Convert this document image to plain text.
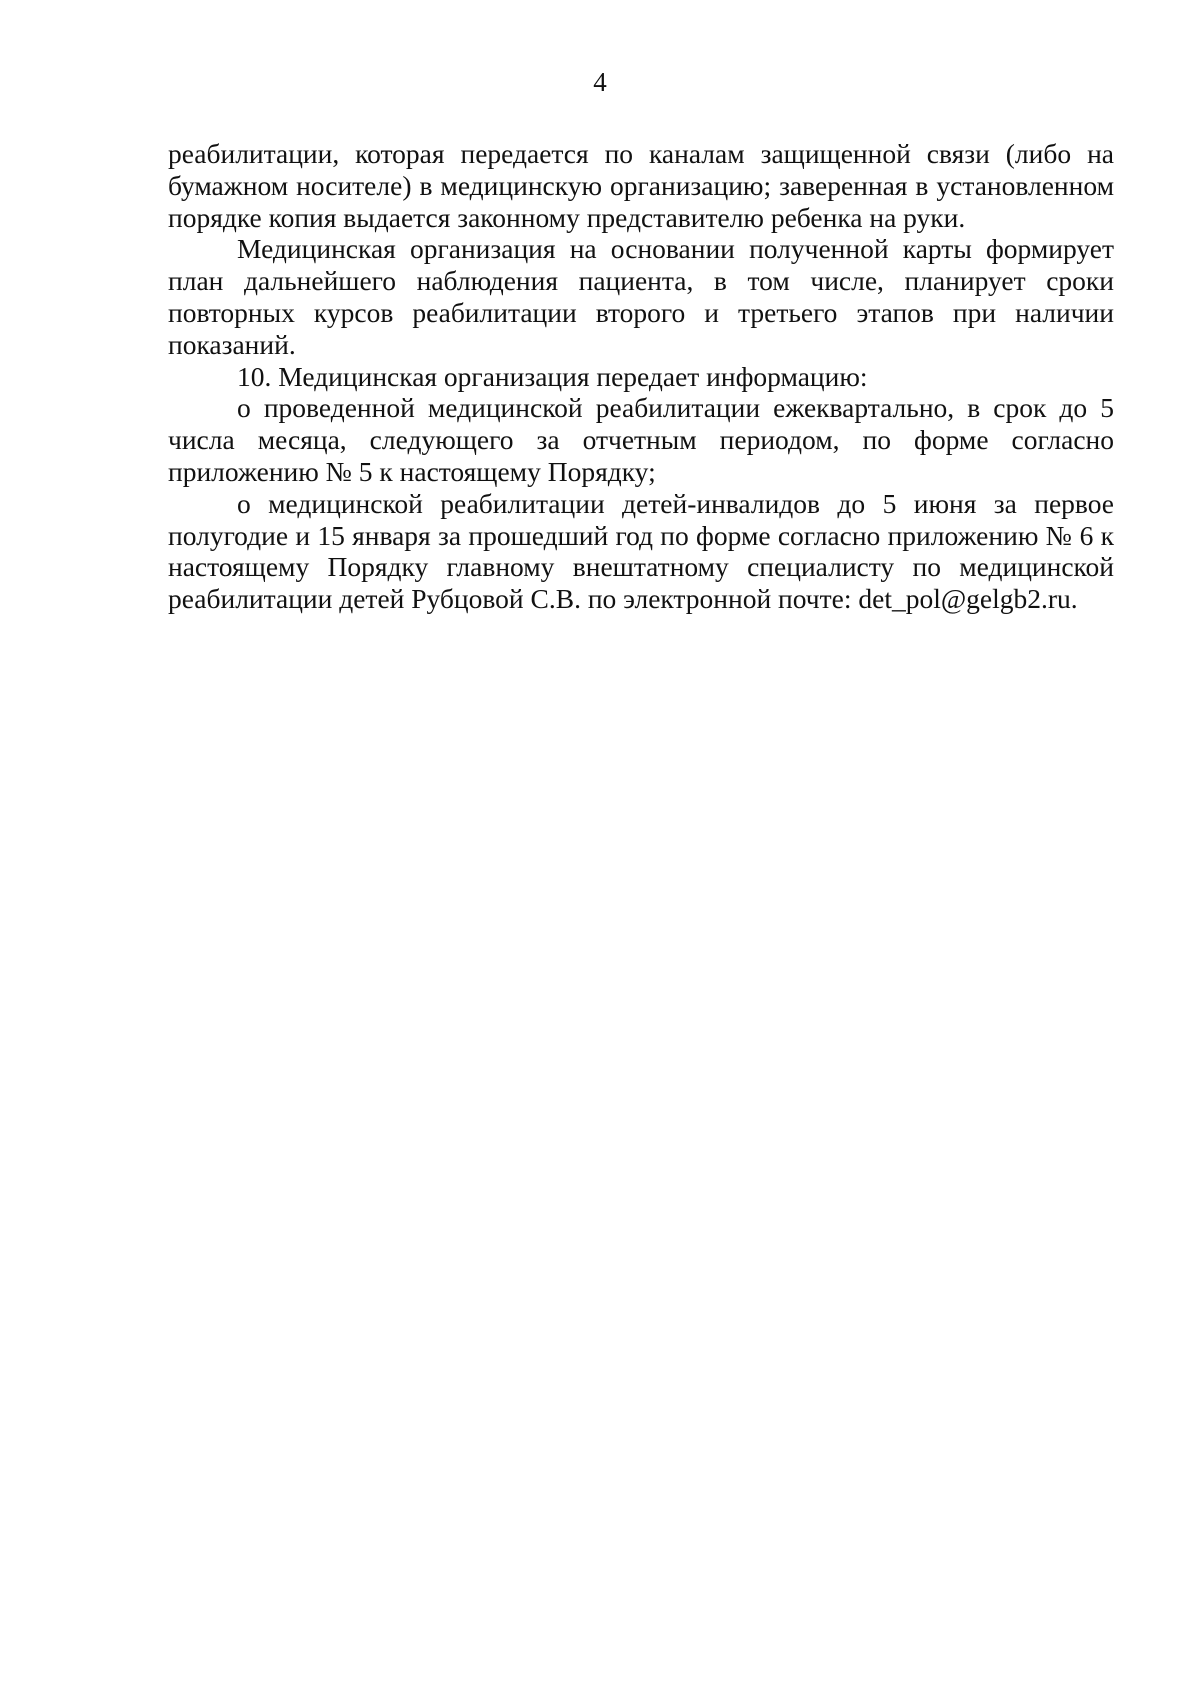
4

реабилитации, которая передается по каналам защищенной связи (либо на бумажном носителе) в медицинскую организацию; заверенная в установленном порядке копия выдается законному представителю ребенка на руки.

Медицинская организация на основании полученной карты формирует план дальнейшего наблюдения пациента, в том числе, планирует сроки повторных курсов реабилитации второго и третьего этапов при наличии показаний.

10. Медицинская организация передает информацию:

о проведенной медицинской реабилитации ежеквартально, в срок до 5 числа месяца, следующего за отчетным периодом, по форме согласно приложению № 5 к настоящему Порядку;

о медицинской реабилитации детей-инвалидов до 5 июня за первое полугодие и 15 января за прошедший год по форме согласно приложению № 6 к настоящему Порядку главному внештатному специалисту по медицинской реабилитации детей Рубцовой С.В. по электронной почте: det_pol@gelgb2.ru.
